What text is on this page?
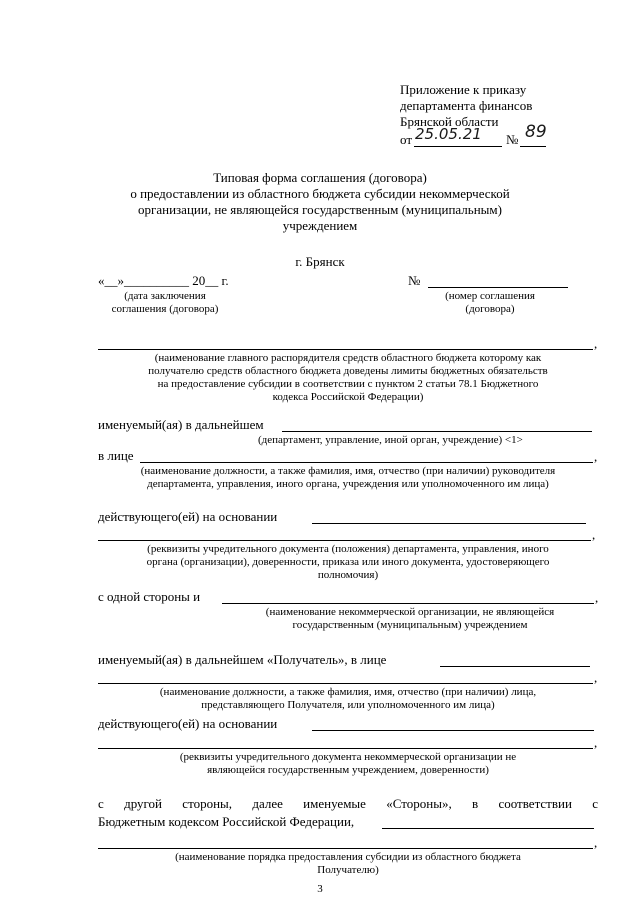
Приложение к приказу
департамента финансов
Брянской области
от 25.05.21 № 89
Типовая форма соглашения (договора)
о предоставлении из областного бюджета субсидии некоммерческой
организации, не являющейся государственным (муниципальным)
учреждением
г. Брянск
«__»__________ 20__ г.	№
(дата заключения
соглашения (договора)
(номер соглашения
(договора)
,
(наименование главного распорядителя средств областного бюджета которому как
получателю средств областного бюджета доведены лимиты бюджетных обязательств
на предоставление субсидии в соответствии с пунктом 2 статьи 78.1 Бюджетного
кодекса Российской Федерации)
именуемый(ая) в дальнейшем
(департамент, управление, иной орган, учреждение) <1>
в лице	,
(наименование должности, а также фамилия, имя, отчество (при наличии) руководителя
департамента, управления, иного органа, учреждения или уполномоченного им лица)
действующего(ей) на основании
,
(реквизиты учредительного документа (положения) департамента, управления, иного
органа (организации), доверенности, приказа или иного документа, удостоверяющего
полномочия)
с одной стороны и	,
(наименование некоммерческой организации, не являющейся
государственным (муниципальным) учреждением
именуемый(ая) в дальнейшем «Получатель», в лице
,
(наименование должности, а также фамилия, имя, отчество (при наличии) лица,
представляющего Получателя, или уполномоченного им лица)
действующего(ей) на основании
,
(реквизиты учредительного документа некоммерческой организации не
являющейся государственным учреждением, доверенности)
с другой стороны, далее именуемые «Стороны», в соответствии с
Бюджетным кодексом Российской Федерации,
,
(наименование порядка предоставления субсидии из областного бюджета
Получателю)
3
